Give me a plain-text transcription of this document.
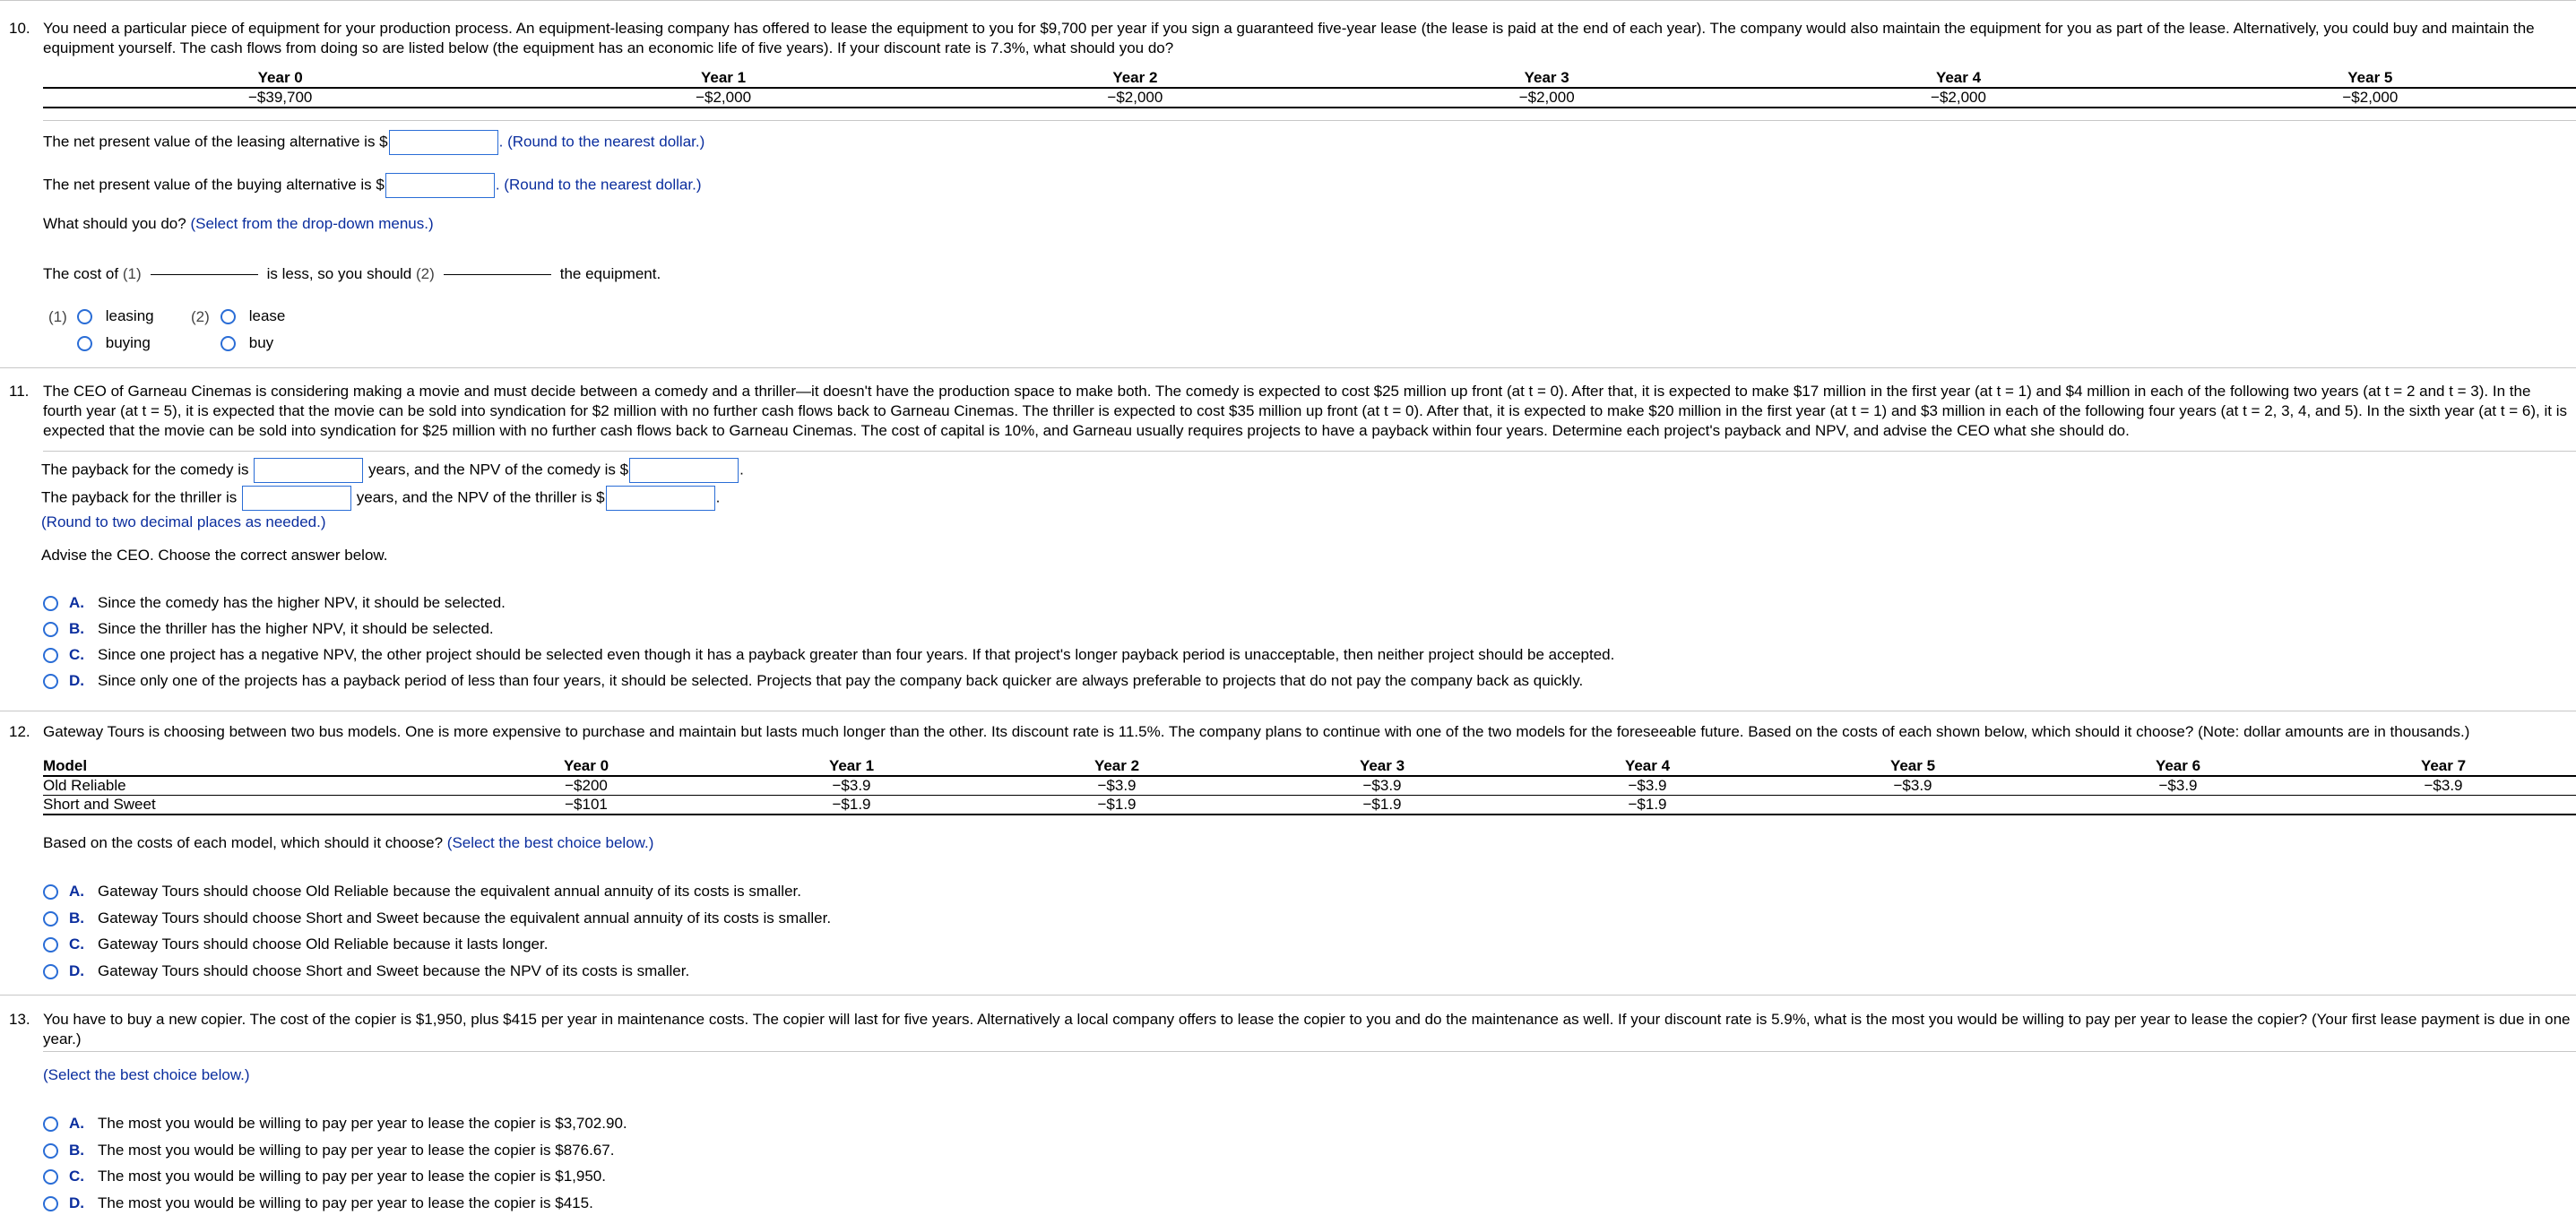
10. You need a particular piece of equipment for your production process. An equipment-leasing company has offered to lease the equipment to you for $9,700 per year if you sign a guaranteed five-year lease (the lease is paid at the end of each year). The company would also maintain the equipment for you as part of the lease. Alternatively, you could buy and maintain the equipment yourself. The cash flows from doing so are listed below (the equipment has an economic life of five years). If your discount rate is 7.3%, what should you do?
Year 0	Year 1	Year 2	Year 3	Year 4	Year 5
−$39,700	−$2,000	−$2,000	−$2,000	−$2,000	−$2,000
The net present value of the leasing alternative is $	. (Round to the nearest dollar.)
The net present value of the buying alternative is $	. (Round to the nearest dollar.)
What should you do? (Select from the drop-down menus.)
The cost of (1)	is less, so you should (2)	the equipment.
(1)	leasing
buying
(2)	lease
buy
11. The CEO of Garneau Cinemas is considering making a movie and must decide between a comedy and a thriller—it doesn't have the production space to make both. The comedy is expected to cost $25 million up front (at t = 0). After that, it is expected to make $17 million in the first year (at t = 1) and $4 million in each of the following two years (at t = 2 and t = 3). In the fourth year (at t = 5), it is expected that the movie can be sold into syndication for $2 million with no further cash flows back to Garneau Cinemas. The thriller is expected to cost $35 million up front (at t = 0). After that, it is expected to make $20 million in the first year (at t = 1) and $3 million in each of the following four years (at t = 2, 3, 4, and 5). In the sixth year (at t = 6), it is expected that the movie can be sold into syndication for $25 million with no further cash flows back to Garneau Cinemas. The cost of capital is 10%, and Garneau usually requires projects to have a payback within four years. Determine each project's payback and NPV, and advise the CEO what she should do.
The payback for the comedy is	years, and the NPV of the comedy is $	.
The payback for the thriller is	years, and the NPV of the thriller is $	.
(Round to two decimal places as needed.)
Advise the CEO. Choose the correct answer below.
A. Since the comedy has the higher NPV, it should be selected.
B. Since the thriller has the higher NPV, it should be selected.
C. Since one project has a negative NPV, the other project should be selected even though it has a payback greater than four years. If that project's longer payback period is unacceptable, then neither project should be accepted.
D. Since only one of the projects has a payback period of less than four years, it should be selected. Projects that pay the company back quicker are always preferable to projects that do not pay the company back as quickly.
12. Gateway Tours is choosing between two bus models. One is more expensive to purchase and maintain but lasts much longer than the other. Its discount rate is 11.5%. The company plans to continue with one of the two models for the foreseeable future. Based on the costs of each shown below, which should it choose? (Note: dollar amounts are in thousands.)
Model	Year 0	Year 1	Year 2	Year 3	Year 4	Year 5	Year 6	Year 7
Old Reliable	−$200	−$3.9	−$3.9	−$3.9	−$3.9	−$3.9	−$3.9	−$3.9
Short and Sweet	−$101	−$1.9	−$1.9	−$1.9	−$1.9			
Based on the costs of each model, which should it choose? (Select the best choice below.)
A. Gateway Tours should choose Old Reliable because the equivalent annual annuity of its costs is smaller.
B. Gateway Tours should choose Short and Sweet because the equivalent annual annuity of its costs is smaller.
C. Gateway Tours should choose Old Reliable because it lasts longer.
D. Gateway Tours should choose Short and Sweet because the NPV of its costs is smaller.
13. You have to buy a new copier. The cost of the copier is $1,950, plus $415 per year in maintenance costs. The copier will last for five years. Alternatively a local company offers to lease the copier to you and do the maintenance as well. If your discount rate is 5.9%, what is the most you would be willing to pay per year to lease the copier? (Your first lease payment is due in one year.)
(Select the best choice below.)
A. The most you would be willing to pay per year to lease the copier is $3,702.90.
B. The most you would be willing to pay per year to lease the copier is $876.67.
C. The most you would be willing to pay per year to lease the copier is $1,950.
D. The most you would be willing to pay per year to lease the copier is $415.
